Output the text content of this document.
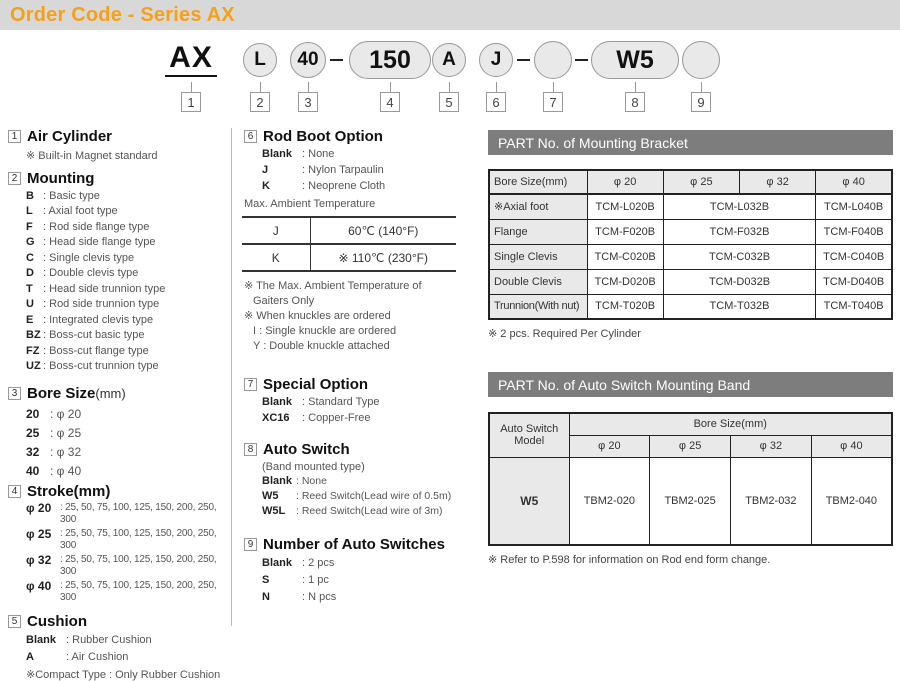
Order Code - Series AX
AX
1
L
2
40
3
150
4
A
5
J
6	7
W5
8	9
1 Air Cylinder
※ Built-in Magnet standard
2 Mounting
B	: Basic type
L	: Axial foot type
F	: Rod side flange type
G	: Head side flange type
C	: Single clevis type
D	: Double clevis type
T	: Head side trunnion type
U	: Rod side trunnion type
E	: Integrated clevis type
BZ : Boss-cut basic type
FZ : Boss-cut flange type
UZ : Boss-cut trunnion type
3 Bore Size(mm)
20	: φ 20
25	: φ 25
32	: φ 32
40	: φ 40
4 Stroke(mm)
φ 20	: 25, 50, 75, 100, 125, 150, 200, 250, 300
φ 25	: 25, 50, 75, 100, 125, 150, 200, 250, 300
φ 32	: 25, 50, 75, 100, 125, 150, 200, 250, 300
φ 40	: 25, 50, 75, 100, 125, 150, 200, 250, 300
5 Cushion
Blank	: Rubber Cushion
A	: Air Cushion
※Compact Type : Only Rubber Cushion
6 Rod Boot Option
Blank	: None
J	: Nylon Tarpaulin
K	: Neoprene Cloth
Max. Ambient Temperature
J	60℃ (140°F)
K	※ 110℃ (230°F)
※ The Max. Ambient Temperature of
Gaiters Only
※ When knuckles are ordered
I : Single knuckle are ordered
Y : Double knuckle attached
7 Special Option
Blank	: Standard Type
XC16	: Copper-Free
8 Auto Switch
(Band mounted type)
Blank : None
W5	: Reed Switch(Lead wire of 0.5m)
W5L	: Reed Switch(Lead wire of 3m)
9 Number of Auto Switches
Blank	: 2 pcs
S	: 1 pc
N	: N pcs
PART No. of Mounting Bracket
Bore Size(mm)	φ 20	φ 25	φ 32	φ 40
※Axial foot	TCM-L020B	TCM-L032B		TCM-L040B
Flange	TCM-F020B	TCM-F032B		TCM-F040B
Single Clevis	TCM-C020B	TCM-C032B		TCM-C040B
Double Clevis	TCM-D020B	TCM-D032B		TCM-D040B
Trunnion(With nut)	TCM-T020B	TCM-T032B		TCM-T040B
※ 2 pcs. Required Per Cylinder
PART No. of Auto Switch Mounting Band
Auto Switch Model	Bore Size(mm)			
	φ 20	φ 25	φ 32	φ 40
W5	TBM2-020	TBM2-025	TBM2-032	TBM2-040
※ Refer to P.598 for information on Rod end form change.
